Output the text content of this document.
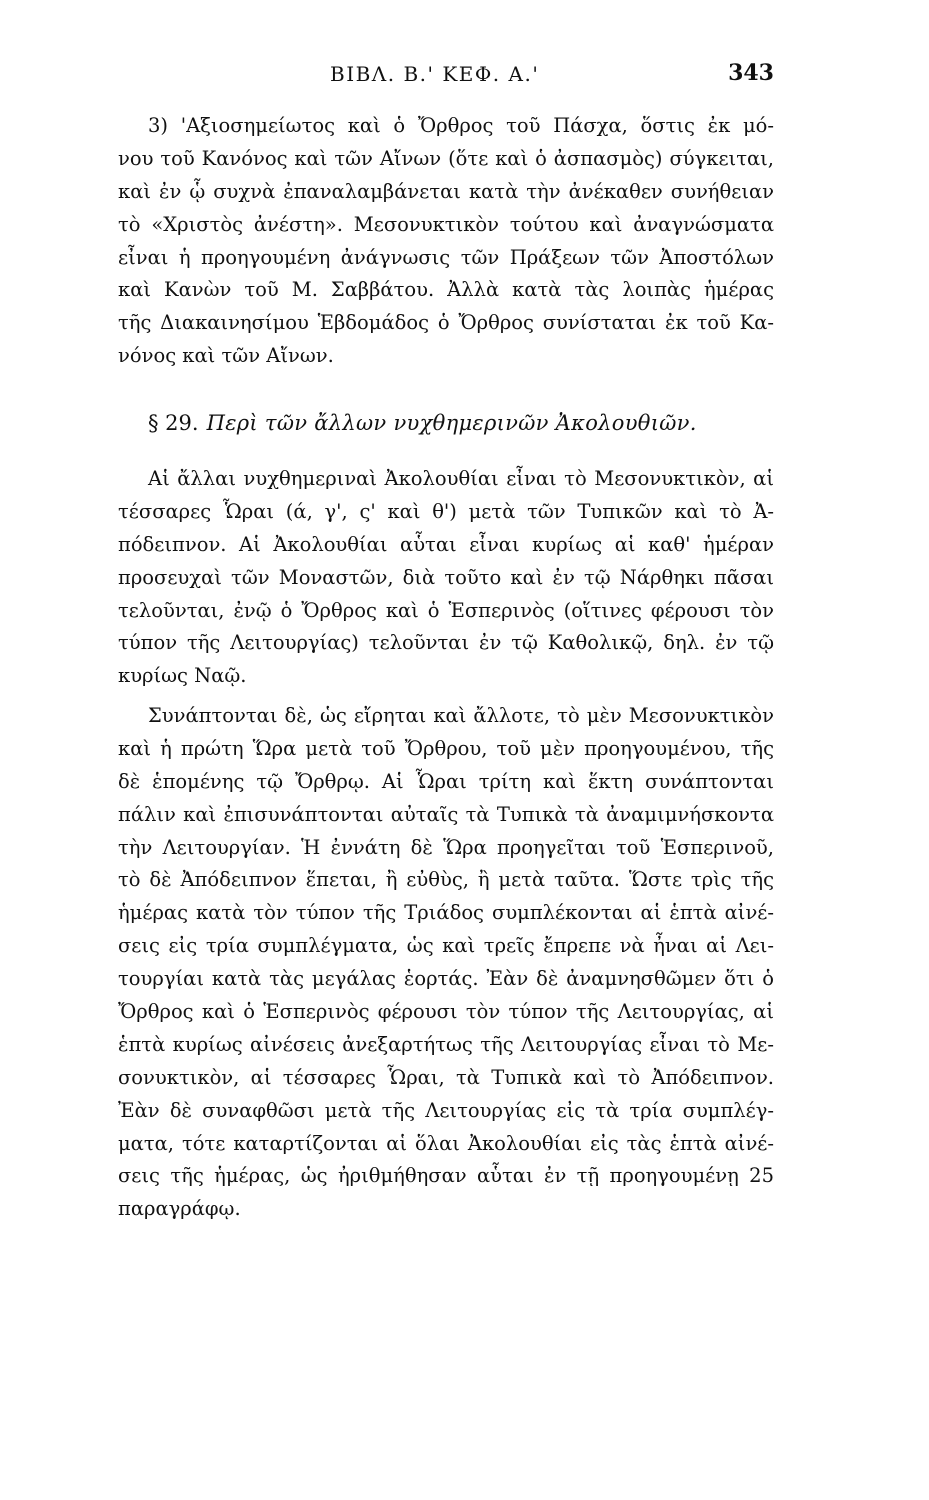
ΒΙΒΛ. Β.' ΚΕΦ. Α.'	343
3) 'Αξιοσημείωτος καὶ ὁ Ὄρθρος τοῦ Πάσχα, ὅστις ἐκ μό-
νου τοῦ Κανόνος καὶ τῶν Αἴνων (ὅτε καὶ ὁ ἀσπασμὸς) σύγκειται,
καὶ ἐν ᾧ συχνὰ ἐπαναλαμβάνεται κατὰ τὴν ἀνέκαθεν συνήθειαν
τὸ «Χριστὸς ἀνέστη». Μεσονυκτικὸν τούτου καὶ ἀναγνώσματα
εἶναι ἡ προηγουμένη ἀνάγνωσις τῶν Πράξεων τῶν Ἀποστόλων
καὶ Κανὼν τοῦ Μ. Σαββάτου. Ἀλλὰ κατὰ τὰς λοιπὰς ἡμέρας
τῆς Διακαινησίμου Ἑβδομάδος ὁ Ὄρθρος συνίσταται ἐκ τοῦ Κα-
νόνος καὶ τῶν Αἴνων.
§ 29. Περὶ τῶν ἄλλων νυχθημερινῶν Ἀκολουθιῶν.
Αἱ ἄλλαι νυχθημεριναὶ Ἀκολουθίαι εἶναι τὸ Μεσονυκτικὸν, αἱ
τέσσαρες Ὧραι (ά, γ', ς' καὶ θ') μετὰ τῶν Τυπικῶν καὶ τὸ Ἀ-
πόδειπνον. Αἱ Ἀκολουθίαι αὗται εἶναι κυρίως αἱ καθ' ἡμέραν
προσευχαὶ τῶν Μοναστῶν, διὰ τοῦτο καὶ ἐν τῷ Νάρθηκι πᾶσαι
τελοῦνται, ἐνῷ ὁ Ὄρθρος καὶ ὁ Ἑσπερινὸς (οἵτινες φέρουσι τὸν
τύπον τῆς Λειτουργίας) τελοῦνται ἐν τῷ Καθολικῷ, δηλ. ἐν τῷ
κυρίως Ναῷ.
Συνάπτονται δὲ, ὡς εἴρηται καὶ ἄλλοτε, τὸ μὲν Μεσονυκτικὸν
καὶ ἡ πρώτη Ὥρα μετὰ τοῦ Ὄρθρου, τοῦ μὲν προηγουμένου, τῆς
δὲ ἑπομένης τῷ Ὄρθρῳ. Αἱ Ὧραι τρίτη καὶ ἕκτη συνάπτονται
πάλιν καὶ ἐπισυνάπτονται αὐταῖς τὰ Τυπικὰ τὰ ἀναμιμνήσκοντα
τὴν Λειτουργίαν. Ἡ ἐννάτη δὲ Ὥρα προηγεῖται τοῦ Ἑσπερινοῦ,
τὸ δὲ Ἀπόδειπνον ἕπεται, ἢ εὐθὺς, ἢ μετὰ ταῦτα. Ὥστε τρὶς τῆς
ἡμέρας κατὰ τὸν τύπον τῆς Τριάδος συμπλέκονται αἱ ἑπτὰ αἰνέ-
σεις εἰς τρία συμπλέγματα, ὡς καὶ τρεῖς ἔπρεπε νὰ ἦναι αἱ Λει-
τουργίαι κατὰ τὰς μεγάλας ἑορτάς. Ἐὰν δὲ ἀναμνησθῶμεν ὅτι ὁ
Ὄρθρος καὶ ὁ Ἑσπερινὸς φέρουσι τὸν τύπον τῆς Λειτουργίας, αἱ
ἑπτὰ κυρίως αἰνέσεις ἀνεξαρτήτως τῆς Λειτουργίας εἶναι τὸ Με-
σονυκτικὸν, αἱ τέσσαρες Ὧραι, τὰ Τυπικὰ καὶ τὸ Ἀπόδειπνον.
Ἐὰν δὲ συναφθῶσι μετὰ τῆς Λειτουργίας εἰς τὰ τρία συμπλέγ-
ματα, τότε καταρτίζονται αἱ ὅλαι Ἀκολουθίαι εἰς τὰς ἑπτὰ αἰνέ-
σεις τῆς ἡμέρας, ὡς ἠριθμήθησαν αὗται ἐν τῇ προηγουμένῃ 25
παραγράφῳ.
